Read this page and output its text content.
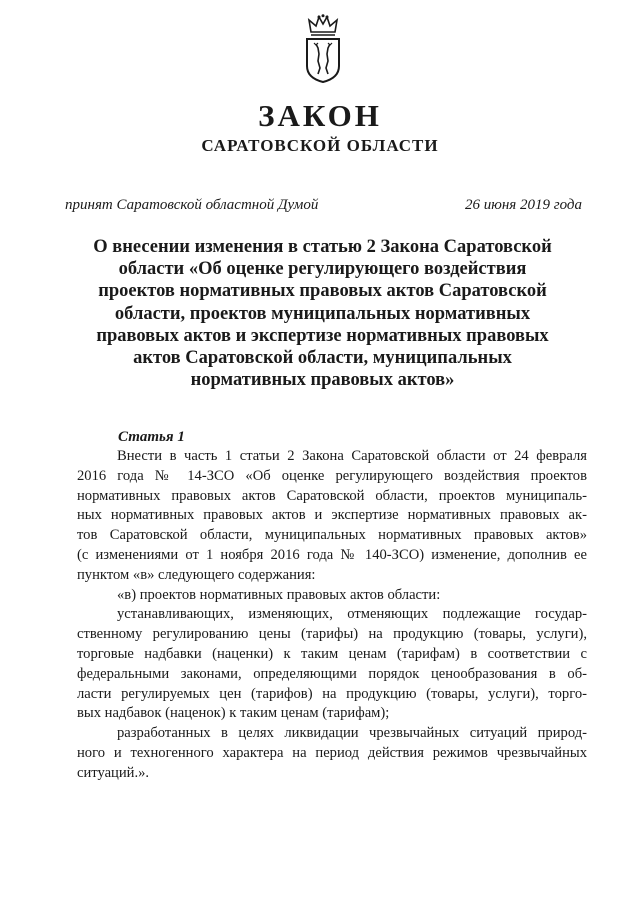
ЗАКОН
САРАТОВСКОЙ ОБЛАСТИ
принят Саратовской областной Думой	26 июня 2019 года
О внесении изменения в статью 2 Закона Саратовской
области «Об оценке регулирующего воздействия
проектов нормативных правовых актов Саратовской
области, проектов муниципальных нормативных
правовых актов и экспертизе нормативных правовых
актов Саратовской области, муниципальных
нормативных правовых актов»
Статья 1
Внести в часть 1 статьи 2 Закона Саратовской области от 24 февраля
2016 года № 14-ЗСО «Об оценке регулирующего воздействия проектов
нормативных правовых актов Саратовской области, проектов муниципаль-
ных нормативных правовых актов и экспертизе нормативных правовых ак-
тов Саратовской области, муниципальных нормативных правовых актов»
(с изменениями от 1 ноября 2016 года № 140-ЗСО) изменение, дополнив ее
пунктом «в» следующего содержания:
«в) проектов нормативных правовых актов области:
устанавливающих, изменяющих, отменяющих подлежащие государ-
ственному регулированию цены (тарифы) на продукцию (товары, услуги),
торговые надбавки (наценки) к таким ценам (тарифам) в соответствии с
федеральными законами, определяющими порядок ценообразования в об-
ласти регулируемых цен (тарифов) на продукцию (товары, услуги), торго-
вых надбавок (наценок) к таким ценам (тарифам);
разработанных в целях ликвидации чрезвычайных ситуаций природ-
ного и техногенного характера на период действия режимов чрезвычайных
ситуаций.».
